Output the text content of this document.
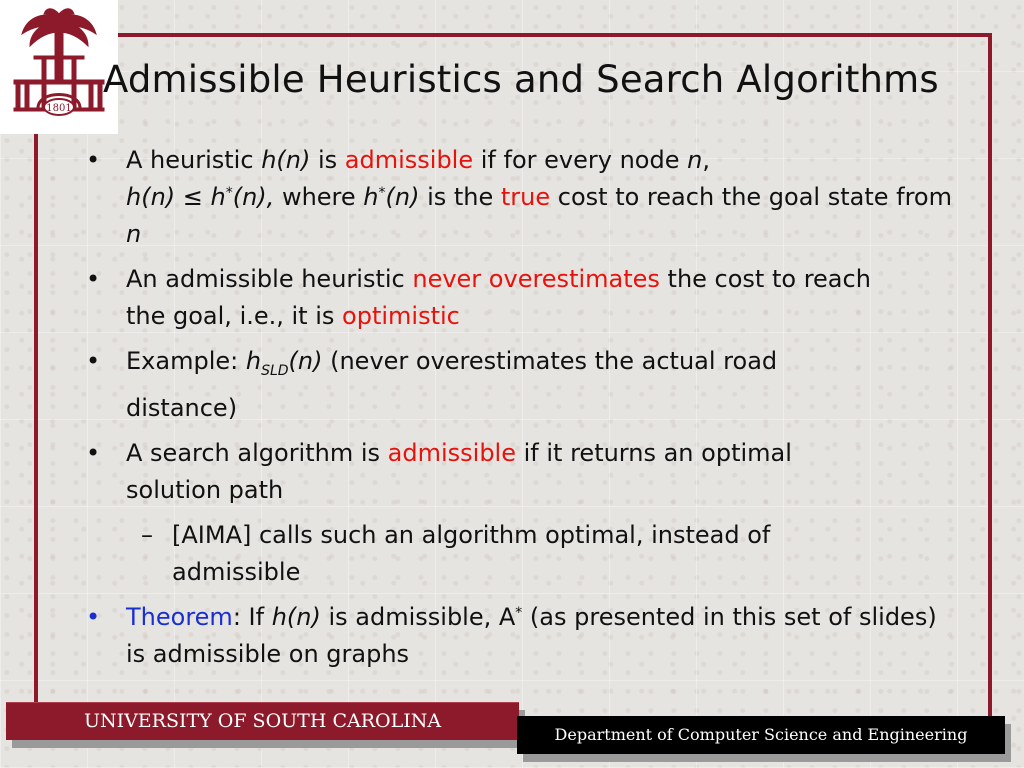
1801
Admissible Heuristics and Search Algorithms
• A heuristic h(n) is admissible if for every node n,
h(n) ≤ h*(n), where h*(n) is the true cost to reach the goal state from n
• An admissible heuristic never overestimates the cost to reach the goal, i.e., it is optimistic
• Example: $h_{SLD}(n)$ (never overestimates the actual road distance)
• A search algorithm is admissible if it returns an optimal solution path
– [AIMA] calls such an algorithm optimal, instead of admissible
• Theorem: If h(n) is admissible, A* (as presented in this set of slides) is admissible on graphs
UNIVERSITY OF SOUTH CAROLINA
Department of Computer Science and Engineering
